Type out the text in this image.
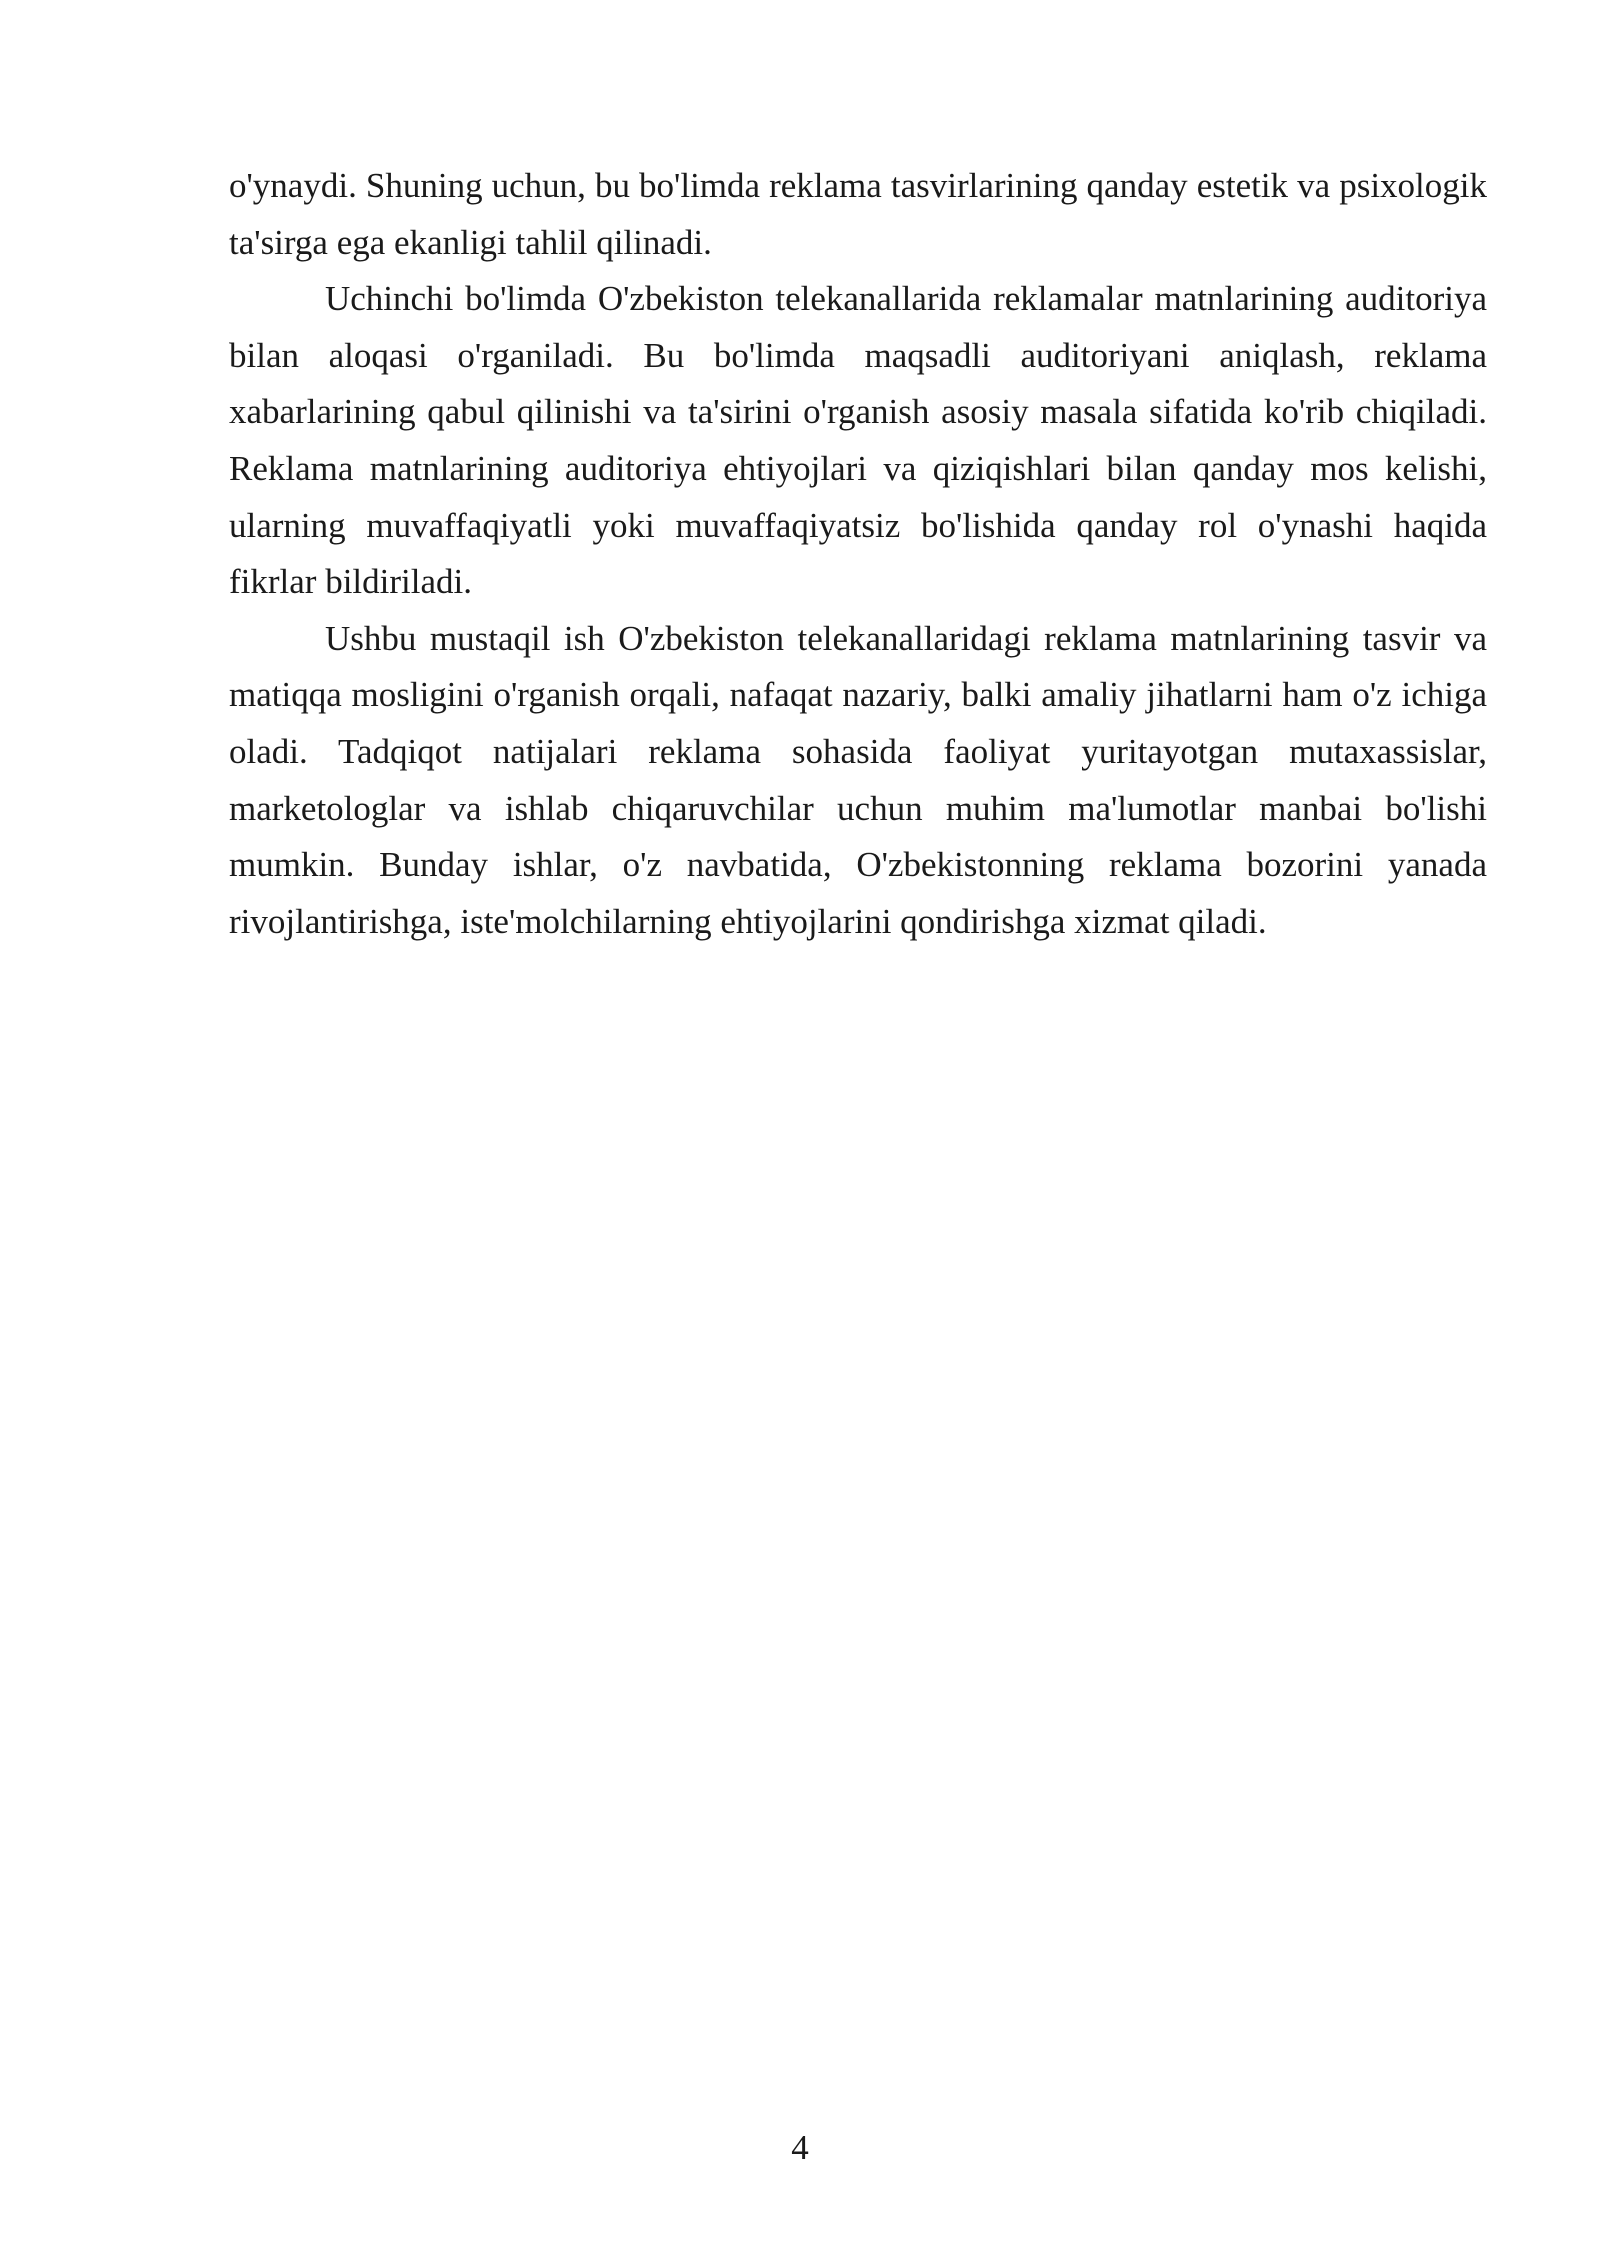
o'ynaydi. Shuning uchun, bu bo'limda reklama tasvirlarining qanday estetik va psixologik ta'sirga ega ekanligi tahlil qilinadi.

Uchinchi bo'limda O'zbekiston telekanallarida reklamalar matnlarining auditoriya bilan aloqasi o'rganiladi. Bu bo'limda maqsadli auditoriyani aniqlash, reklama xabarlarining qabul qilinishi va ta'sirini o'rganish asosiy masala sifatida ko'rib chiqiladi. Reklama matnlarining auditoriya ehtiyojlari va qiziqishlari bilan qanday mos kelishi, ularning muvaffaqiyatli yoki muvaffaqiyatsiz bo'lishida qanday rol o'ynashi haqida fikrlar bildiriladi.

Ushbu mustaqil ish O'zbekiston telekanallaridagi reklama matnlarining tasvir va matiqqa mosligini o'rganish orqali, nafaqat nazariy, balki amaliy jihatlarni ham o'z ichiga oladi. Tadqiqot natijalari reklama sohasida faoliyat yuritayotgan mutaxassislar, marketologlar va ishlab chiqaruvchilar uchun muhim ma'lumotlar manbai bo'lishi mumkin. Bunday ishlar, o'z navbatida, O'zbekistonning reklama bozorini yanada rivojlantirishga, iste'molchilarning ehtiyojlarini qondirishga xizmat qiladi.

4
